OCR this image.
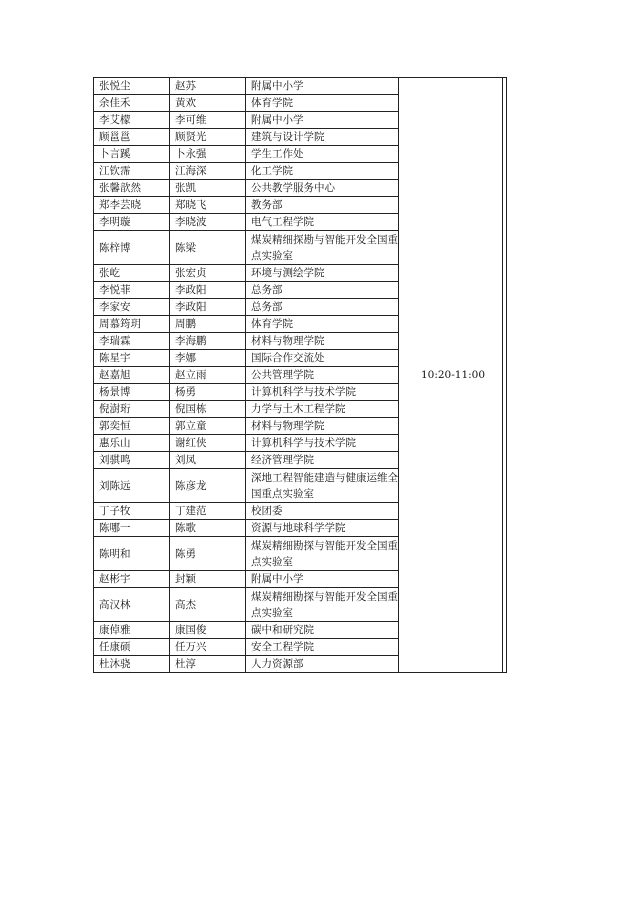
张悦尘	赵苏	附属中小学	10:20-11:00	
余佳禾	黄欢	体育学院		
李艾檬	李可维	附属中小学		
顾邕邕	顾贤光	建筑与设计学院		
卜言蹊	卜永强	学生工作处		
江钦霈	江海深	化工学院		
张馨歆然	张凯	公共教学服务中心		
郑李芸晓	郑晓飞	教务部		
李明璇	李晓波	电气工程学院		
陈梓博	陈梁	煤炭精细探勘与智能开发全国重点实验室		
张屹	张宏贞	环境与测绘学院		
李悦菲	李政阳	总务部		
李家安	李政阳	总务部		
周慕筠玥	周鹏	体育学院		
李瑞霖	李海鹏	材料与物理学院		
陈星宇	李娜	国际合作交流处		
赵嘉旭	赵立雨	公共管理学院		
杨景博	杨勇	计算机科学与技术学院		
倪澍珩	倪国栋	力学与土木工程学院		
郭奕恒	郭立童	材料与物理学院		
惠乐山	谢红侠	计算机科学与技术学院		
刘骐鸣	刘凤	经济管理学院		
刘陈远	陈彦龙	深地工程智能建造与健康运维全国重点实验室		
丁子牧	丁建范	校团委		
陈哪一	陈歌	资源与地球科学学院		
陈明和	陈勇	煤炭精细勘探与智能开发全国重点实验室		
赵彬宇	封颖	附属中小学		
高汉林	高杰	煤炭精细勘探与智能开发全国重点实验室		
康倬雅	康国俊	碳中和研究院		
任康硕	任万兴	安全工程学院		
杜沐骁	杜淳	人力资源部		
